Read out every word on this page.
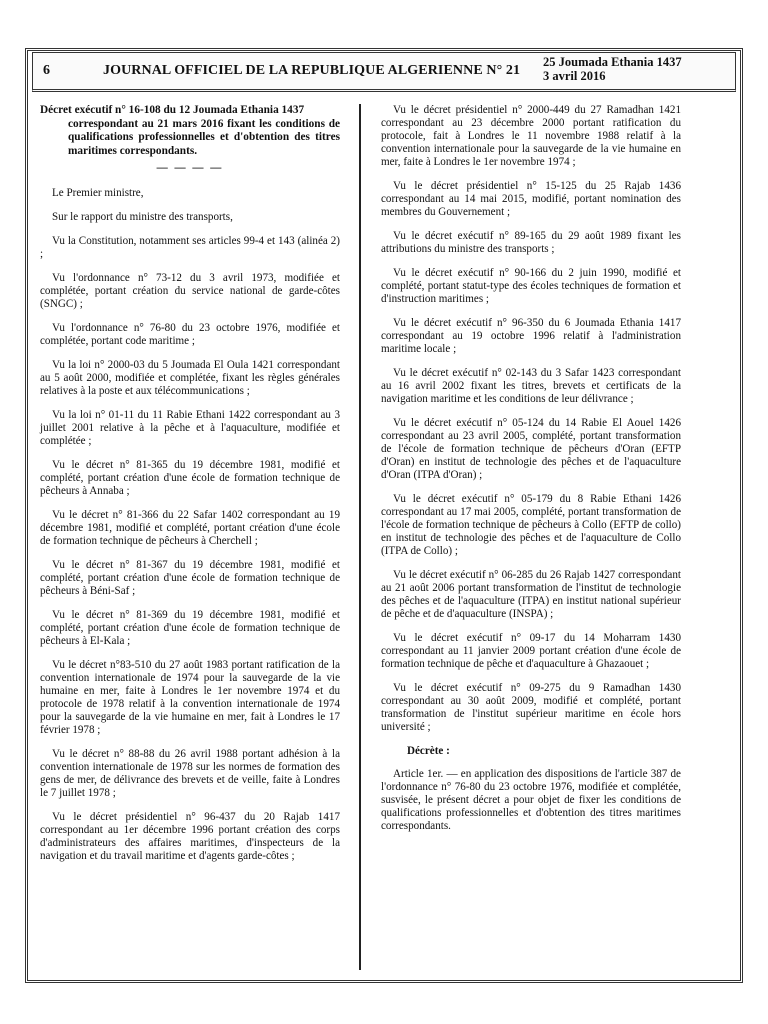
6	JOURNAL OFFICIEL DE LA REPUBLIQUE ALGERIENNE N° 21
25 Joumada Ethania 1437
3 avril 2016
Décret exécutif n° 16-108 du 12 Joumada Ethania 1437
correspondant au 21 mars 2016 fixant les conditions de qualifications professionnelles et d'obtention des titres maritimes correspondants.
— — — —

Le Premier ministre,

Sur le rapport du ministre des transports,

Vu la Constitution, notamment ses articles 99-4 et 143 (alinéa 2) ;

Vu l'ordonnance n° 73-12 du 3 avril 1973, modifiée et complétée, portant création du service national de garde-côtes (SNGC) ;

Vu l'ordonnance n° 76-80 du 23 octobre 1976, modifiée et complétée, portant code maritime ;

Vu la loi n° 2000-03 du 5 Joumada El Oula 1421 correspondant au 5 août 2000, modifiée et complétée, fixant les règles générales relatives à la poste et aux télécommunications ;

Vu la loi n° 01-11 du 11 Rabie Ethani 1422 correspondant au 3 juillet 2001 relative à la pêche et à l'aquaculture, modifiée et complétée ;

Vu le décret n° 81-365 du 19 décembre 1981, modifié et complété, portant création d'une école de formation technique de pêcheurs à Annaba ;

Vu le décret n° 81-366 du 22 Safar 1402 correspondant au 19 décembre 1981, modifié et complété, portant création d'une école de formation technique de pêcheurs à Cherchell ;

Vu le décret n° 81-367 du 19 décembre 1981, modifié et complété, portant création d'une école de formation technique de pêcheurs à Béni-Saf ;

Vu le décret n° 81-369 du 19 décembre 1981, modifié et complété, portant création d'une école de formation technique de pêcheurs à El-Kala ;

Vu le décret n°83-510 du 27 août 1983 portant ratification de la convention internationale de 1974 pour la sauvegarde de la vie humaine en mer, faite à Londres le 1er novembre 1974 et du protocole de 1978 relatif à la convention internationale de 1974 pour la sauvegarde de la vie humaine en mer, fait à Londres le 17 février 1978 ;

Vu le décret n° 88-88 du 26 avril 1988 portant adhésion à la convention internationale de 1978 sur les normes de formation des gens de mer, de délivrance des brevets et de veille, faite à Londres le 7 juillet 1978 ;

Vu le décret présidentiel n° 96-437 du 20 Rajab 1417 correspondant au 1er décembre 1996 portant création des corps d'administrateurs des affaires maritimes, d'inspecteurs de la navigation et du travail maritime et d'agents garde-côtes ;

Vu le décret présidentiel n° 2000-449 du 27 Ramadhan 1421 correspondant au 23 décembre 2000 portant ratification du protocole, fait à Londres le 11 novembre 1988 relatif à la convention internationale pour la sauvegarde de la vie humaine en mer, faite à Londres le 1er novembre 1974 ;

Vu le décret présidentiel n° 15-125 du 25 Rajab 1436 correspondant au 14 mai 2015, modifié, portant nomination des membres du Gouvernement ;

Vu le décret exécutif n° 89-165 du 29 août 1989 fixant les attributions du ministre des transports ;

Vu le décret exécutif n° 90-166 du 2 juin 1990, modifié et complété, portant statut-type des écoles techniques de formation et d'instruction maritimes ;

Vu le décret exécutif n° 96-350 du 6 Joumada Ethania 1417 correspondant au 19 octobre 1996 relatif à l'administration maritime locale ;

Vu le décret exécutif n° 02-143 du 3 Safar 1423 correspondant au 16 avril 2002 fixant les titres, brevets et certificats de la navigation maritime et les conditions de leur délivrance ;

Vu le décret exécutif n° 05-124 du 14 Rabie El Aouel 1426 correspondant au 23 avril 2005, complété, portant transformation de l'école de formation technique de pêcheurs d'Oran (EFTP d'Oran) en institut de technologie des pêches et de l'aquaculture d'Oran (ITPA d'Oran) ;

Vu le décret exécutif n° 05-179 du 8 Rabie Ethani 1426 correspondant au 17 mai 2005, complété, portant transformation de l'école de formation technique de pêcheurs à Collo (EFTP de collo) en institut de technologie des pêches et de l'aquaculture de Collo (ITPA de Collo) ;

Vu le décret exécutif n° 06-285 du 26 Rajab 1427 correspondant au 21 août 2006 portant transformation de l'institut de technologie des pêches et de l'aquaculture (ITPA) en institut national supérieur de pêche et de d'aquaculture (INSPA) ;

Vu le décret exécutif n° 09-17 du 14 Moharram 1430 correspondant au 11 janvier 2009 portant création d'une école de formation technique de pêche et d'aquaculture à Ghazaouet ;

Vu le décret exécutif n° 09-275 du 9 Ramadhan 1430 correspondant au 30 août 2009, modifié et complété, portant transformation de l'institut supérieur maritime en école hors université ;

Décrète :

Article 1er. — en application des dispositions de l'article 387 de l'ordonnance n° 76-80 du 23 octobre 1976, modifiée et complétée, susvisée, le présent décret a pour objet de fixer les conditions de qualifications professionnelles et d'obtention des titres maritimes correspondants.
